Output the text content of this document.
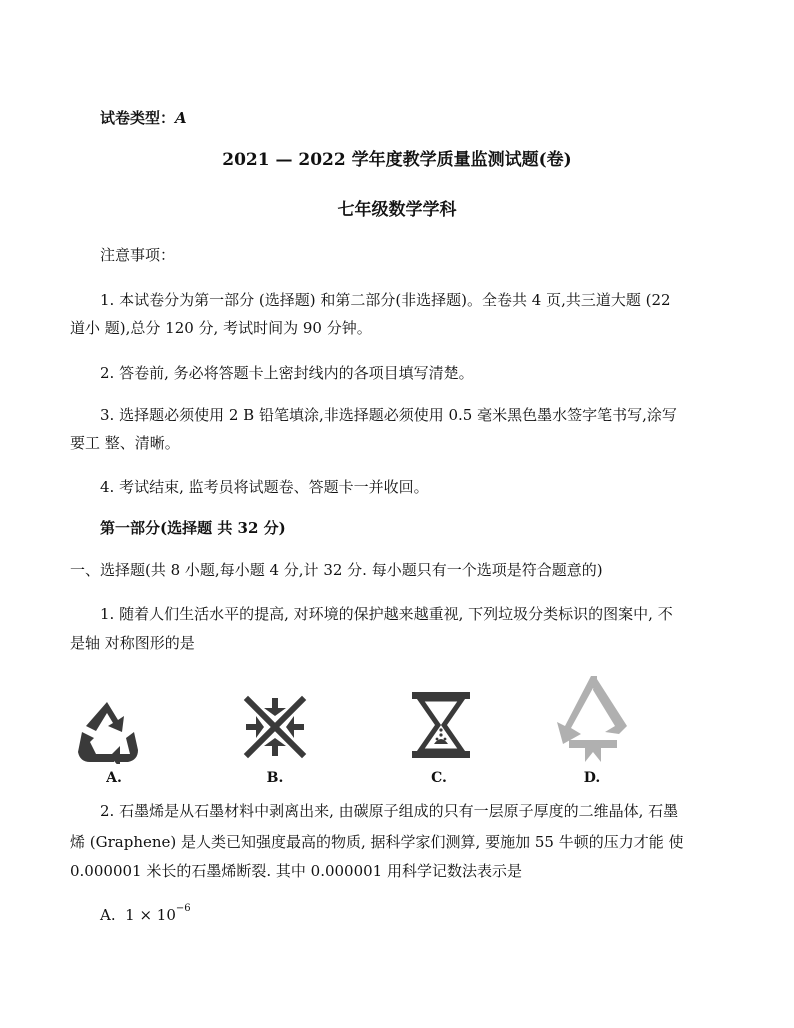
试卷类型：A
2021 — 2022 学年度教学质量监测试题(卷)
七年级数学学科
注意事项：
1. 本试卷分为第一部分 (选择题) 和第二部分(非选择题)。全卷共 4 页,共三道大题 (22
道小 题),总分 120 分, 考试时间为 90 分钟。
2. 答卷前, 务必将答题卡上密封线内的各项目填写清楚。
3. 选择题必须使用 2 B 铅笔填涂,非选择题必须使用 0.5 毫米黑色墨水签字笔书写,涂写
要工 整、清晰。
4. 考试结束, 监考员将试题卷、答题卡一并收回。
第一部分(选择题 共 32 分)
一、选择题(共 8 小题,每小题 4 分,计 32 分. 每小题只有一个选项是符合题意的)
1. 随着人们生活水平的提高, 对环境的保护越来越重视, 下列垃圾分类标识的图案中, 不
是轴 对称图形的是
A.	B.	C.	D.
2. 石墨烯是从石墨材料中剥离出来, 由碳原子组成的只有一层原子厚度的二维晶体, 石墨
烯 (Graphene) 是人类已知强度最高的物质, 据科学家们测算, 要施加 55 牛顿的压力才能 使
0.000001 米长的石墨烯断裂. 其中 0.000001 用科学记数法表示是
A. $1 \times 10^{-6}$
